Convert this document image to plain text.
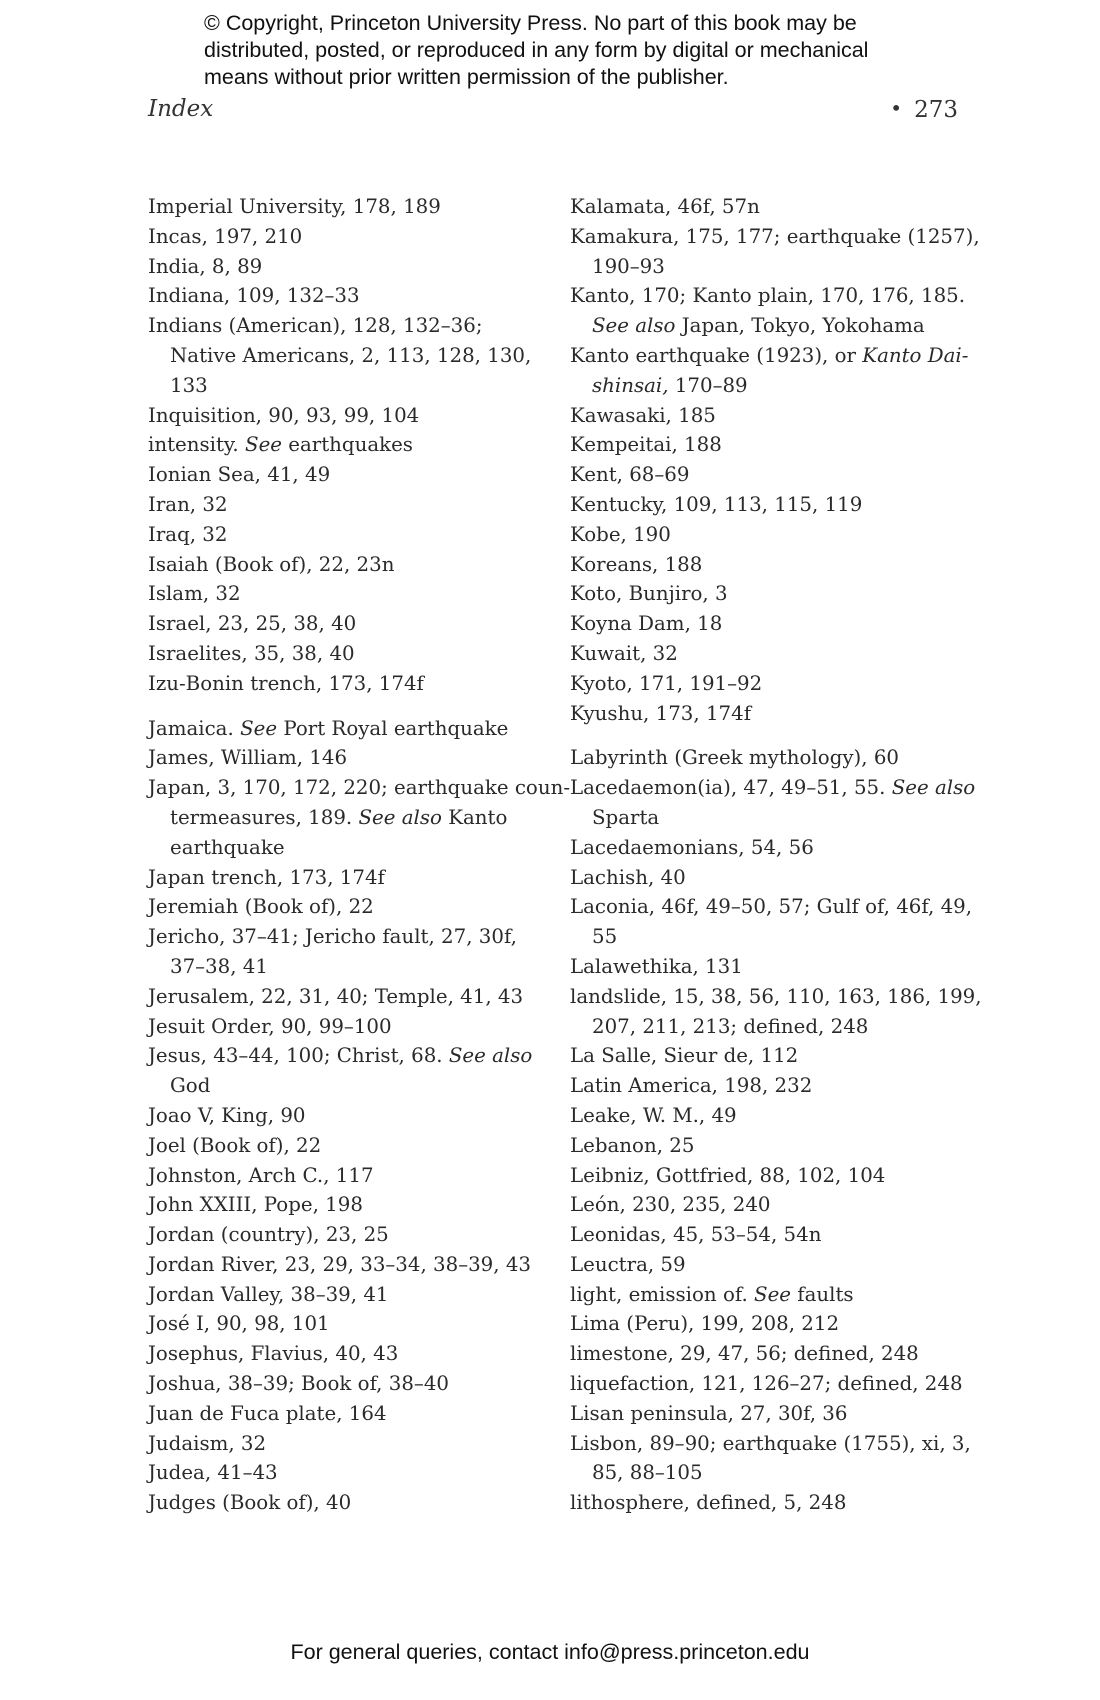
© Copyright, Princeton University Press. No part of this book may be
distributed, posted, or reproduced in any form by digital or mechanical
means without prior written permission of the publisher.
Index	• 273
Imperial University, 178, 189
Incas, 197, 210
India, 8, 89
Indiana, 109, 132–33
Indians (American), 128, 132–36;
Native Americans, 2, 113, 128, 130,
133
Inquisition, 90, 93, 99, 104
intensity. See earthquakes
Ionian Sea, 41, 49
Iran, 32
Iraq, 32
Isaiah (Book of), 22, 23n
Islam, 32
Israel, 23, 25, 38, 40
Israelites, 35, 38, 40
Izu-Bonin trench, 173, 174f
Jamaica. See Port Royal earthquake
James, William, 146
Japan, 3, 170, 172, 220; earthquake coun-
termeasures, 189. See also Kanto
earthquake
Japan trench, 173, 174f
Jeremiah (Book of), 22
Jericho, 37–41; Jericho fault, 27, 30f,
37–38, 41
Jerusalem, 22, 31, 40; Temple, 41, 43
Jesuit Order, 90, 99–100
Jesus, 43–44, 100; Christ, 68. See also
God
Joao V, King, 90
Joel (Book of), 22
Johnston, Arch C., 117
John XXIII, Pope, 198
Jordan (country), 23, 25
Jordan River, 23, 29, 33–34, 38–39, 43
Jordan Valley, 38–39, 41
José I, 90, 98, 101
Josephus, Flavius, 40, 43
Joshua, 38–39; Book of, 38–40
Juan de Fuca plate, 164
Judaism, 32
Judea, 41–43
Judges (Book of), 40
Kalamata, 46f, 57n
Kamakura, 175, 177; earthquake (1257),
190–93
Kanto, 170; Kanto plain, 170, 176, 185.
See also Japan, Tokyo, Yokohama
Kanto earthquake (1923), or Kanto Dai-
shinsai, 170–89
Kawasaki, 185
Kempeitai, 188
Kent, 68–69
Kentucky, 109, 113, 115, 119
Kobe, 190
Koreans, 188
Koto, Bunjiro, 3
Koyna Dam, 18
Kuwait, 32
Kyoto, 171, 191–92
Kyushu, 173, 174f
Labyrinth (Greek mythology), 60
Lacedaemon(ia), 47, 49–51, 55. See also
Sparta
Lacedaemonians, 54, 56
Lachish, 40
Laconia, 46f, 49–50, 57; Gulf of, 46f, 49,
55
Lalawethika, 131
landslide, 15, 38, 56, 110, 163, 186, 199,
207, 211, 213; defined, 248
La Salle, Sieur de, 112
Latin America, 198, 232
Leake, W. M., 49
Lebanon, 25
Leibniz, Gottfried, 88, 102, 104
León, 230, 235, 240
Leonidas, 45, 53–54, 54n
Leuctra, 59
light, emission of. See faults
Lima (Peru), 199, 208, 212
limestone, 29, 47, 56; defined, 248
liquefaction, 121, 126–27; defined, 248
Lisan peninsula, 27, 30f, 36
Lisbon, 89–90; earthquake (1755), xi, 3,
85, 88–105
lithosphere, defined, 5, 248
For general queries, contact info@press.princeton.edu
